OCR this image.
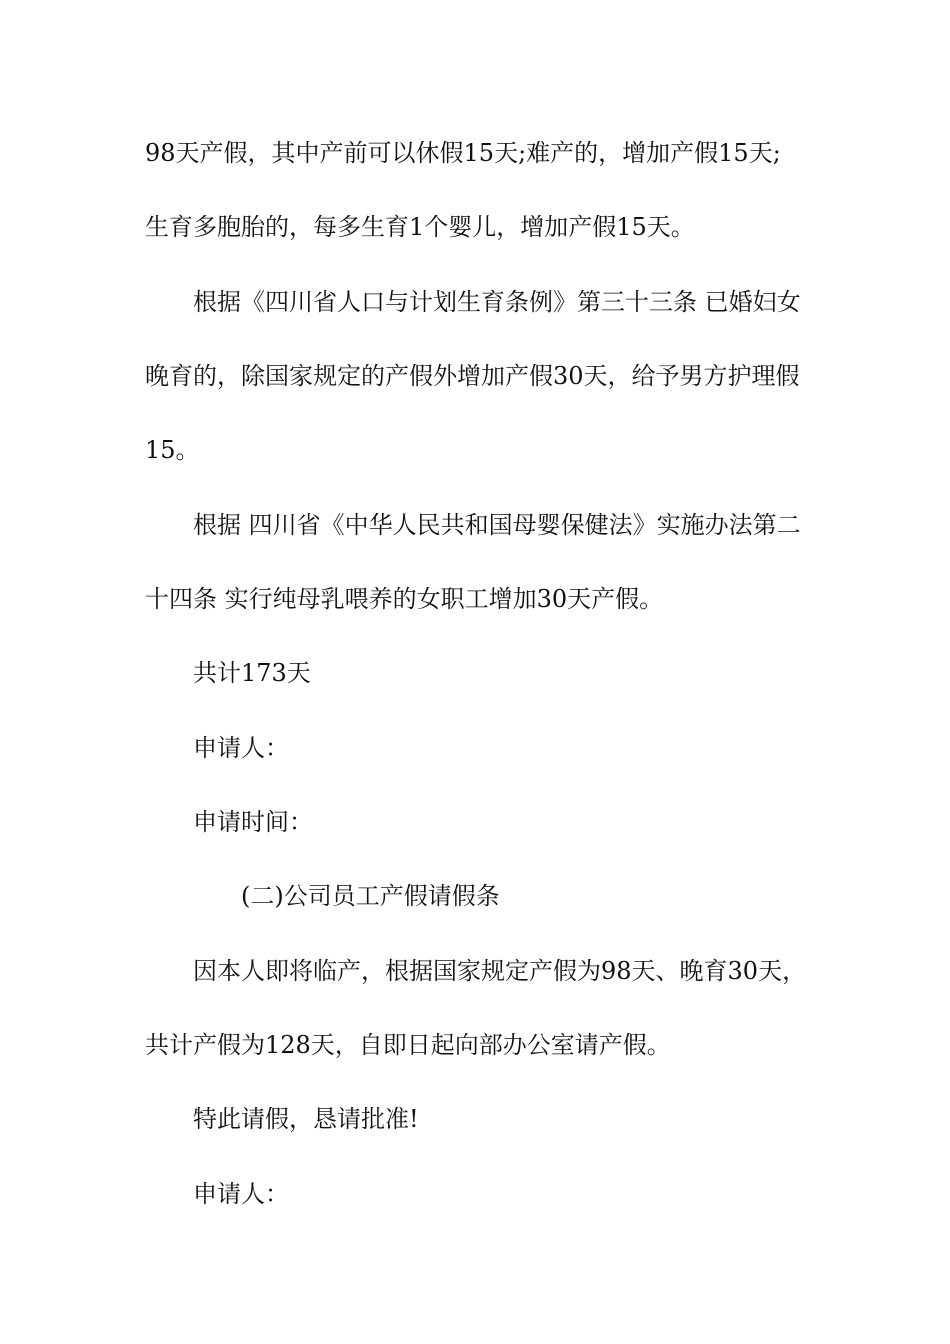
98天产假，其中产前可以休假15天;难产的，增加产假15天;
生育多胞胎的，每多生育1个婴儿，增加产假15天。
根据《四川省人口与计划生育条例》第三十三条 已婚妇女
晚育的，除国家规定的产假外增加产假30天，给予男方护理假
15。
根据 四川省《中华人民共和国母婴保健法》实施办法第二
十四条 实行纯母乳喂养的女职工增加30天产假。
共计173天
申请人：
申请时间：
(二)公司员工产假请假条
因本人即将临产，根据国家规定产假为98天、晚育30天，
共计产假为128天，自即日起向部办公室请产假。
特此请假，恳请批准!
申请人：
